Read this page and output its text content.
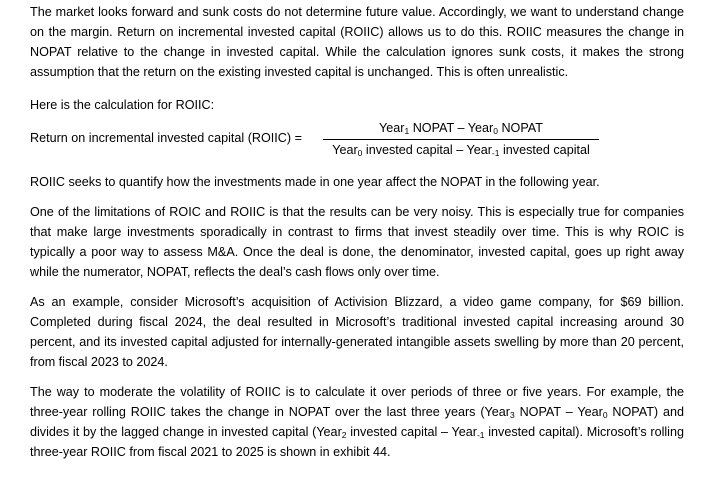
The market looks forward and sunk costs do not determine future value. Accordingly, we want to understand change on the margin. Return on incremental invested capital (ROIIC) allows us to do this. ROIIC measures the change in NOPAT relative to the change in invested capital. While the calculation ignores sunk costs, it makes the strong assumption that the return on the existing invested capital is unchanged. This is often unrealistic.

Here is the calculation for ROIIC:

Return on incremental invested capital (ROIIC) =
Year$_1$ NOPAT – Year$_0$ NOPAT
Year$_0$ invested capital – Year$_{-1}$ invested capital

ROIIC seeks to quantify how the investments made in one year affect the NOPAT in the following year.

One of the limitations of ROIC and ROIIC is that the results can be very noisy. This is especially true for companies that make large investments sporadically in contrast to firms that invest steadily over time. This is why ROIC is typically a poor way to assess M&A. Once the deal is done, the denominator, invested capital, goes up right away while the numerator, NOPAT, reflects the deal’s cash flows only over time.

As an example, consider Microsoft’s acquisition of Activision Blizzard, a video game company, for $69 billion. Completed during fiscal 2024, the deal resulted in Microsoft’s traditional invested capital increasing around 30 percent, and its invested capital adjusted for internally-generated intangible assets swelling by more than 20 percent, from fiscal 2023 to 2024.

The way to moderate the volatility of ROIIC is to calculate it over periods of three or five years. For example, the three-year rolling ROIIC takes the change in NOPAT over the last three years (Year$_3$ NOPAT – Year$_0$ NOPAT) and divides it by the lagged change in invested capital (Year$_2$ invested capital – Year$_{-1}$ invested capital). Microsoft’s rolling three-year ROIIC from fiscal 2021 to 2025 is shown in exhibit 44.
